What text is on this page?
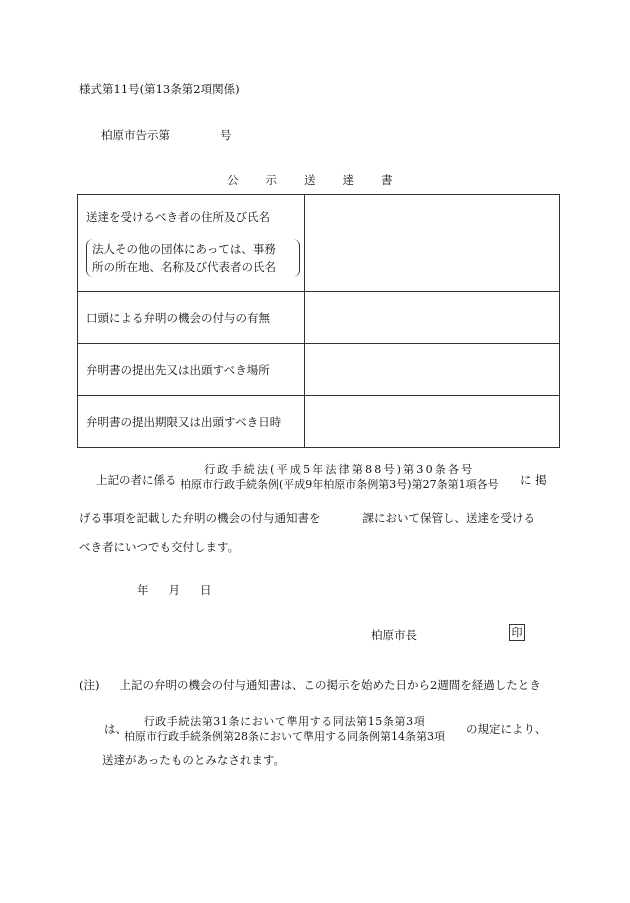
様式第11号(第13条第2項関係)
柏原市告示第	号
公 示 送 達 書
送達を受けるべき者の住所及び氏名
法人その他の団体にあっては、事務
所の所在地、名称及び代表者の氏名	

口頭による弁明の機会の付与の有無	
弁明書の提出先又は出頭すべき場所	
弁明書の提出期限又は出頭すべき日時	
上記の者に係る
行政手続法(平成5年法律第88号)第30条各号
柏原市行政手続条例(平成9年柏原市条例第3号)第27条第1項各号 に 掲
げる事項を記載した弁明の機会の付与通知書を	課において保管し、送達を受ける
べき者にいつでも交付します。
年 月 日
柏原市長	印
(注) 上記の弁明の機会の付与通知書は、この掲示を始めた日から2週間を経過したとき
は、
行政手続法第31条において準用する同法第15条第3項
柏原市行政手続条例第28条において準用する同条例第14条第3項
の規定により、
送達があったものとみなされます。
